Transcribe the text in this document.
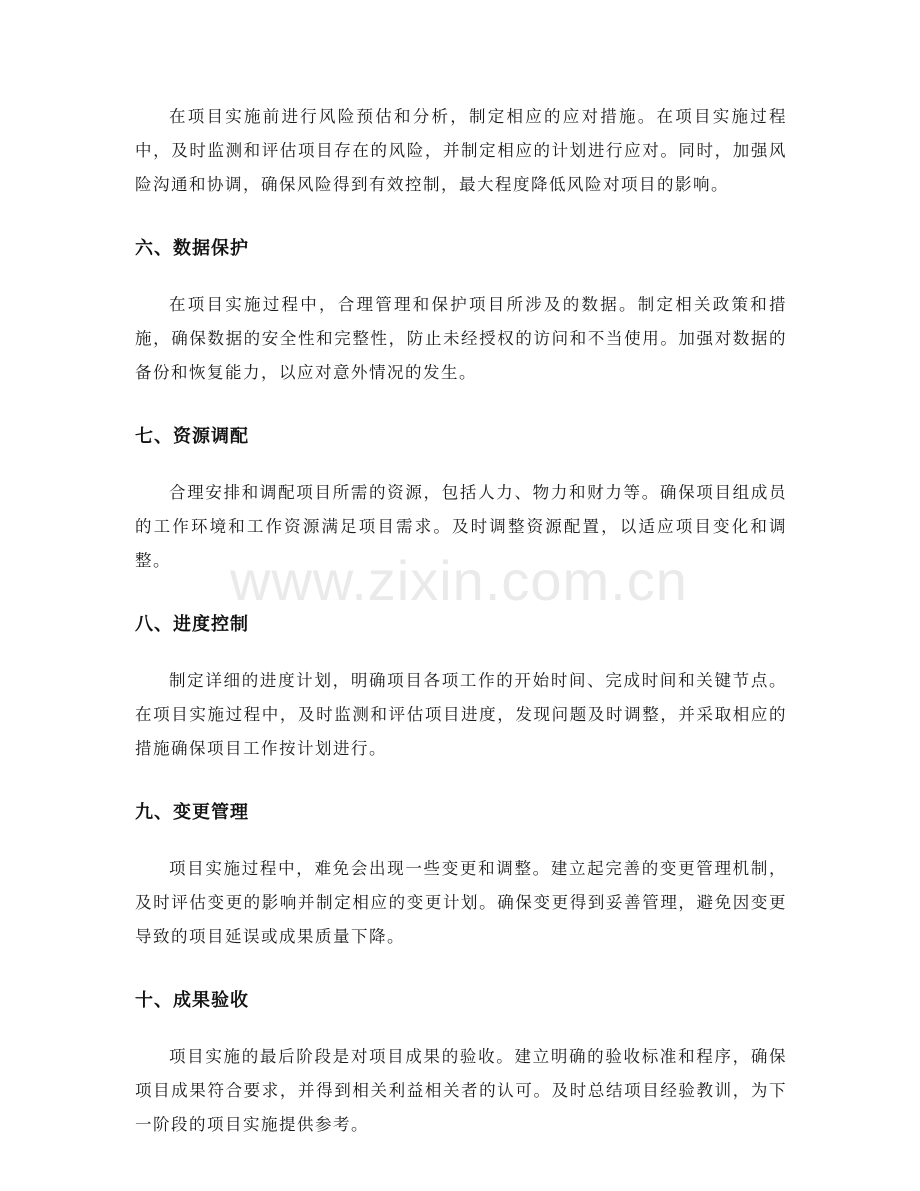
在项目实施前进行风险预估和分析，制定相应的应对措施。在项目实施过程中，及时监测和评估项目存在的风险，并制定相应的计划进行应对。同时，加强风险沟通和协调，确保风险得到有效控制，最大程度降低风险对项目的影响。

六、数据保护

在项目实施过程中，合理管理和保护项目所涉及的数据。制定相关政策和措施，确保数据的安全性和完整性，防止未经授权的访问和不当使用。加强对数据的备份和恢复能力，以应对意外情况的发生。

七、资源调配

合理安排和调配项目所需的资源，包括人力、物力和财力等。确保项目组成员的工作环境和工作资源满足项目需求。及时调整资源配置，以适应项目变化和调整。

八、进度控制

制定详细的进度计划，明确项目各项工作的开始时间、完成时间和关键节点。在项目实施过程中，及时监测和评估项目进度，发现问题及时调整，并采取相应的措施确保项目工作按计划进行。

九、变更管理

项目实施过程中，难免会出现一些变更和调整。建立起完善的变更管理机制，及时评估变更的影响并制定相应的变更计划。确保变更得到妥善管理，避免因变更导致的项目延误或成果质量下降。

十、成果验收

项目实施的最后阶段是对项目成果的验收。建立明确的验收标准和程序，确保项目成果符合要求，并得到相关利益相关者的认可。及时总结项目经验教训，为下一阶段的项目实施提供参考。

www.zixin.com.cn
